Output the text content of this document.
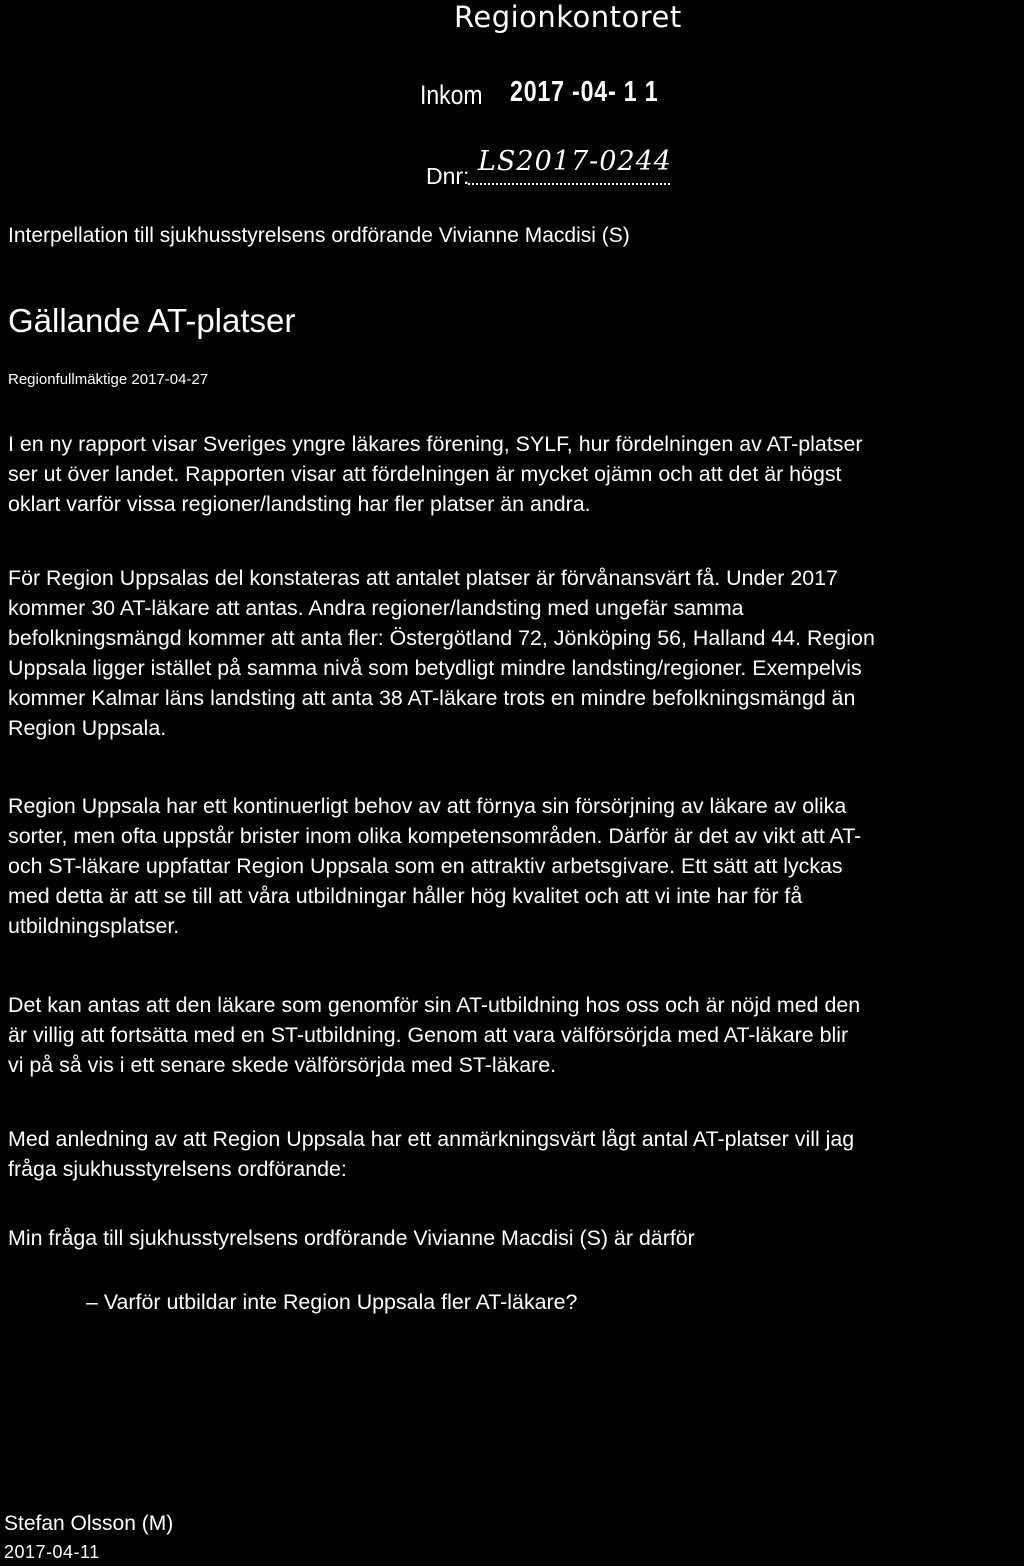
Regionkontoret
Inkom 2017 -04- 1 1
Dnr: LS2017-0244
Interpellation till sjukhusstyrelsens ordförande Vivianne Macdisi (S)
Gällande AT-platser
Regionfullmäktige 2017-04-27
I en ny rapport visar Sveriges yngre läkares förening, SYLF, hur fördelningen av AT-platser
ser ut över landet. Rapporten visar att fördelningen är mycket ojämn och att det är högst
oklart varför vissa regioner/landsting har fler platser än andra.
För Region Uppsalas del konstateras att antalet platser är förvånansvärt få. Under 2017
kommer 30 AT-läkare att antas. Andra regioner/landsting med ungefär samma
befolkningsmängd kommer att anta fler: Östergötland 72, Jönköping 56, Halland 44. Region
Uppsala ligger istället på samma nivå som betydligt mindre landsting/regioner. Exempelvis
kommer Kalmar läns landsting att anta 38 AT-läkare trots en mindre befolkningsmängd än
Region Uppsala.
Region Uppsala har ett kontinuerligt behov av att förnya sin försörjning av läkare av olika
sorter, men ofta uppstår brister inom olika kompetensområden. Därför är det av vikt att AT-
och ST-läkare uppfattar Region Uppsala som en attraktiv arbetsgivare. Ett sätt att lyckas
med detta är att se till att våra utbildningar håller hög kvalitet och att vi inte har för få
utbildningsplatser.
Det kan antas att den läkare som genomför sin AT-utbildning hos oss och är nöjd med den
är villig att fortsätta med en ST-utbildning. Genom att vara välförsörjda med AT-läkare blir
vi på så vis i ett senare skede välförsörjda med ST-läkare.
Med anledning av att Region Uppsala har ett anmärkningsvärt lågt antal AT-platser vill jag
fråga sjukhusstyrelsens ordförande:
Min fråga till sjukhusstyrelsens ordförande Vivianne Macdisi (S) är därför
– Varför utbildar inte Region Uppsala fler AT-läkare?
Stefan Olsson (M)
2017-04-11
